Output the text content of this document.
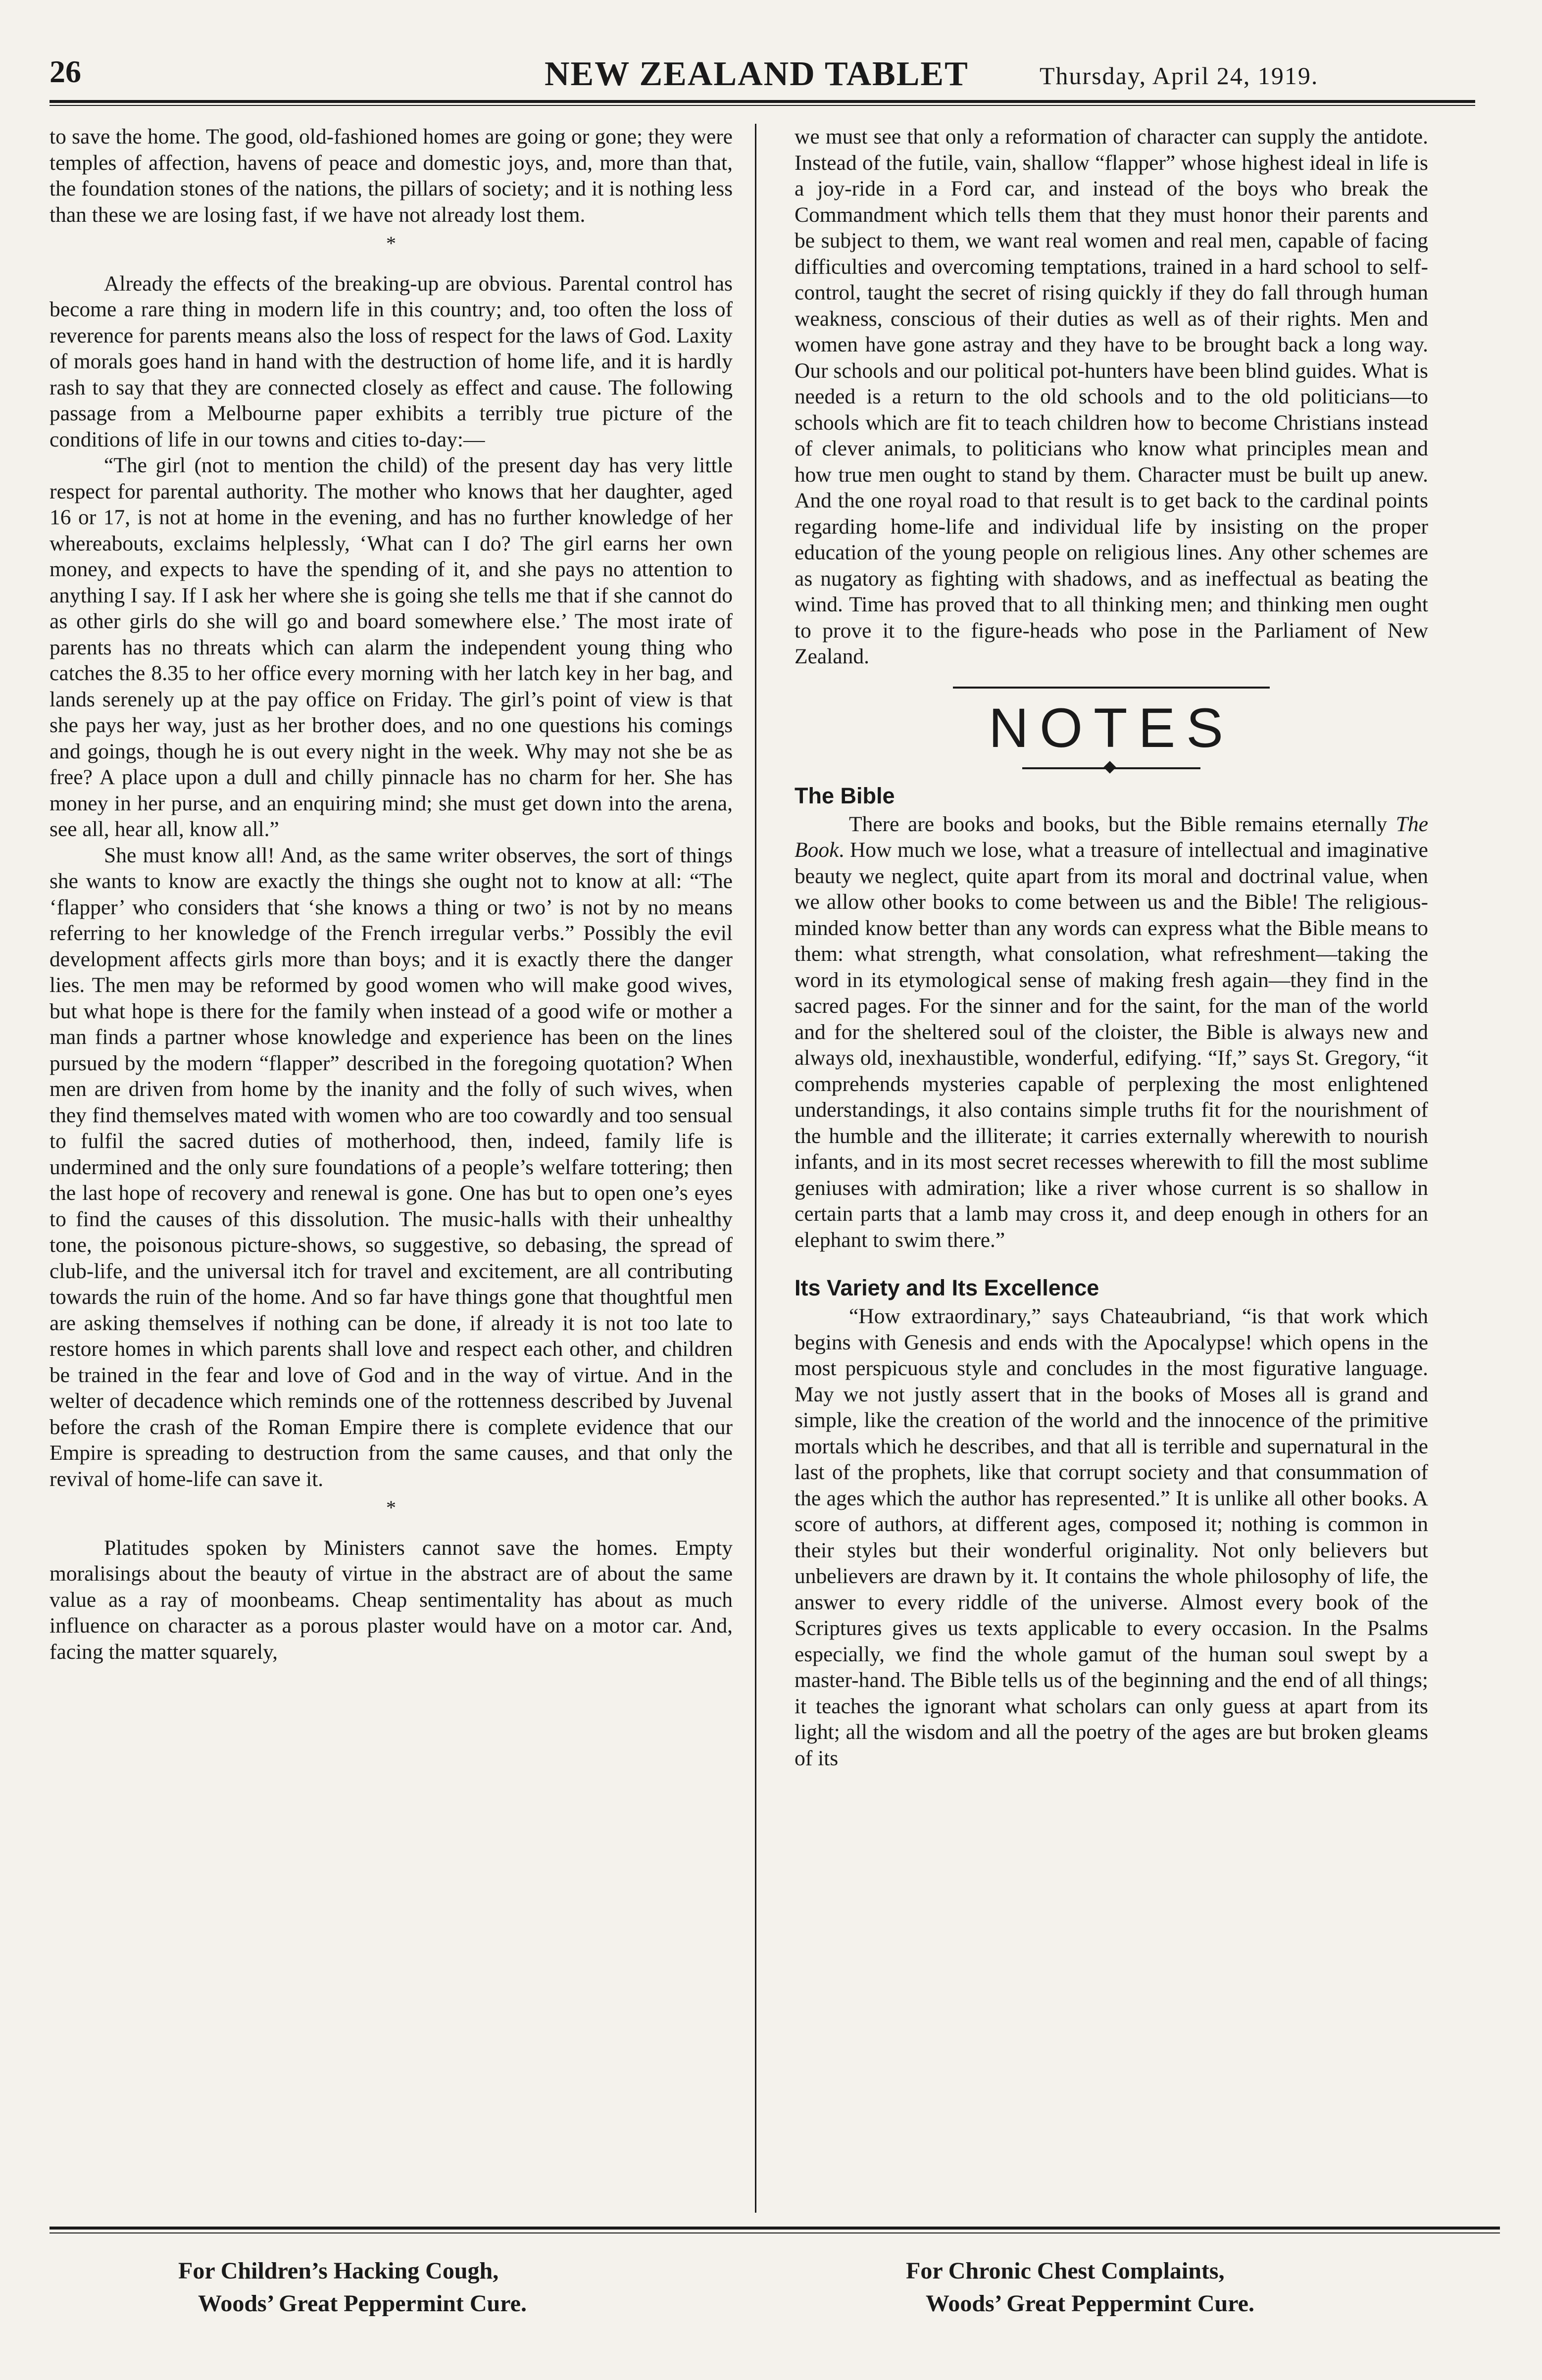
26	NEW ZEALAND TABLET	Thursday, April 24, 1919.

to save the home. The good, old-fashioned homes are going or gone; they were temples of affection, havens of peace and domestic joys, and, more than that, the foundation stones of the nations, the pillars of society; and it is nothing less than these we are losing fast, if we have not already lost them.

*

Already the effects of the breaking-up are obvious. Parental control has become a rare thing in modern life in this country; and, too often the loss of reverence for parents means also the loss of respect for the laws of God. Laxity of morals goes hand in hand with the destruction of home life, and it is hardly rash to say that they are connected closely as effect and cause. The following passage from a Melbourne paper exhibits a terribly true picture of the conditions of life in our towns and cities to-day:—

“The girl (not to mention the child) of the present day has very little respect for parental authority. The mother who knows that her daughter, aged 16 or 17, is not at home in the evening, and has no further knowledge of her whereabouts, exclaims helplessly, ‘What can I do? The girl earns her own money, and expects to have the spending of it, and she pays no attention to anything I say. If I ask her where she is going she tells me that if she cannot do as other girls do she will go and board somewhere else.’ The most irate of parents has no threats which can alarm the independent young thing who catches the 8.35 to her office every morning with her latch key in her bag, and lands serenely up at the pay office on Friday. The girl’s point of view is that she pays her way, just as her brother does, and no one questions his comings and goings, though he is out every night in the week. Why may not she be as free? A place upon a dull and chilly pinnacle has no charm for her. She has money in her purse, and an enquiring mind; she must get down into the arena, see all, hear all, know all.”

She must know all! And, as the same writer observes, the sort of things she wants to know are exactly the things she ought not to know at all: “The ‘flapper’ who considers that ‘she knows a thing or two’ is not by no means referring to her knowledge of the French irregular verbs.” Possibly the evil development affects girls more than boys; and it is exactly there the danger lies. The men may be reformed by good women who will make good wives, but what hope is there for the family when instead of a good wife or mother a man finds a partner whose knowledge and experience has been on the lines pursued by the modern “flapper” described in the foregoing quotation? When men are driven from home by the inanity and the folly of such wives, when they find themselves mated with women who are too cowardly and too sensual to fulfil the sacred duties of motherhood, then, indeed, family life is undermined and the only sure foundations of a people’s welfare tottering; then the last hope of recovery and renewal is gone. One has but to open one’s eyes to find the causes of this dissolution. The music-halls with their unhealthy tone, the poisonous picture-shows, so suggestive, so debasing, the spread of club-life, and the universal itch for travel and excitement, are all contributing towards the ruin of the home. And so far have things gone that thoughtful men are asking themselves if nothing can be done, if already it is not too late to restore homes in which parents shall love and respect each other, and children be trained in the fear and love of God and in the way of virtue. And in the welter of decadence which reminds one of the rottenness described by Juvenal before the crash of the Roman Empire there is complete evidence that our Empire is spreading to destruction from the same causes, and that only the revival of home-life can save it.

*

Platitudes spoken by Ministers cannot save the homes. Empty moralisings about the beauty of virtue in the abstract are of about the same value as a ray of moonbeams. Cheap sentimentality has about as much influence on character as a porous plaster would have on a motor car. And, facing the matter squarely,

we must see that only a reformation of character can supply the antidote. Instead of the futile, vain, shallow “flapper” whose highest ideal in life is a joy-ride in a Ford car, and instead of the boys who break the Commandment which tells them that they must honor their parents and be subject to them, we want real women and real men, capable of facing difficulties and overcoming temptations, trained in a hard school to self-control, taught the secret of rising quickly if they do fall through human weakness, conscious of their duties as well as of their rights. Men and women have gone astray and they have to be brought back a long way. Our schools and our political pot-hunters have been blind guides. What is needed is a return to the old schools and to the old politicians—to schools which are fit to teach children how to become Christians instead of clever animals, to politicians who know what principles mean and how true men ought to stand by them. Character must be built up anew. And the one royal road to that result is to get back to the cardinal points regarding home-life and individual life by insisting on the proper education of the young people on religious lines. Any other schemes are as nugatory as fighting with shadows, and as ineffectual as beating the wind. Time has proved that to all thinking men; and thinking men ought to prove it to the figure-heads who pose in the Parliament of New Zealand.

NOTES
The Bible

There are books and books, but the Bible remains eternally The Book. How much we lose, what a treasure of intellectual and imaginative beauty we neglect, quite apart from its moral and doctrinal value, when we allow other books to come between us and the Bible! The religious-minded know better than any words can express what the Bible means to them: what strength, what consolation, what refreshment—taking the word in its etymological sense of making fresh again—they find in the sacred pages. For the sinner and for the saint, for the man of the world and for the sheltered soul of the cloister, the Bible is always new and always old, inexhaustible, wonderful, edifying. “If,” says St. Gregory, “it comprehends mysteries capable of perplexing the most enlightened understandings, it also contains simple truths fit for the nourishment of the humble and the illiterate; it carries externally wherewith to nourish infants, and in its most secret recesses wherewith to fill the most sublime geniuses with admiration; like a river whose current is so shallow in certain parts that a lamb may cross it, and deep enough in others for an elephant to swim there.”

Its Variety and Its Excellence

“How extraordinary,” says Chateaubriand, “is that work which begins with Genesis and ends with the Apocalypse! which opens in the most perspicuous style and concludes in the most figurative language. May we not justly assert that in the books of Moses all is grand and simple, like the creation of the world and the innocence of the primitive mortals which he describes, and that all is terrible and supernatural in the last of the prophets, like that corrupt society and that consummation of the ages which the author has represented.” It is unlike all other books. A score of authors, at different ages, composed it; nothing is common in their styles but their wonderful originality. Not only believers but unbelievers are drawn by it. It contains the whole philosophy of life, the answer to every riddle of the universe. Almost every book of the Scriptures gives us texts applicable to every occasion. In the Psalms especially, we find the whole gamut of the human soul swept by a master-hand. The Bible tells us of the beginning and the end of all things; it teaches the ignorant what scholars can only guess at apart from its light; all the wisdom and all the poetry of the ages are but broken gleams of its

For Children’s Hacking Cough,
Woods’ Great Peppermint Cure.
For Chronic Chest Complaints,
Woods’ Great Peppermint Cure.
